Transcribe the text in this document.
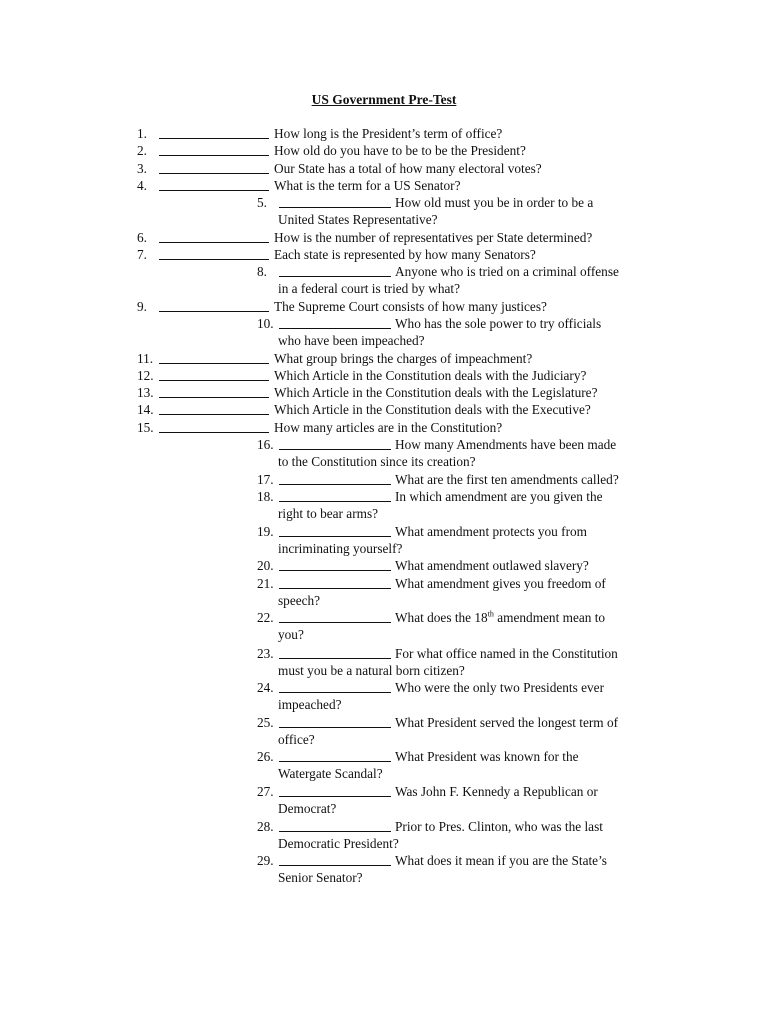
US Government Pre-Test
1.	How long is the President’s term of office?
2.	How old do you have to be to be the President?
3.	Our State has a total of how many electoral votes?
4.	What is the term for a US Senator?
5.	How old must you be in order to be a
United States Representative?
6.	How is the number of representatives per State determined?
7.	Each state is represented by how many Senators?
8.	Anyone who is tried on a criminal offense
in a federal court is tried by what?
9.	The Supreme Court consists of how many justices?
10.	Who has the sole power to try officials
who have been impeached?
11.	What group brings the charges of impeachment?
12.	Which Article in the Constitution deals with the Judiciary?
13.	Which Article in the Constitution deals with the Legislature?
14.	Which Article in the Constitution deals with the Executive?
15.	How many articles are in the Constitution?
16.	How many Amendments have been made
to the Constitution since its creation?
17.	What are the first ten amendments called?
18.	In which amendment are you given the
right to bear arms?
19.	What amendment protects you from
incriminating yourself?
20.	What amendment outlawed slavery?
21.	What amendment gives you freedom of
speech?
22.	What does the 18th amendment mean to
you?
23.	For what office named in the Constitution
must you be a natural born citizen?
24.	Who were the only two Presidents ever
impeached?
25.	What President served the longest term of
office?
26.	What President was known for the
Watergate Scandal?
27.	Was John F. Kennedy a Republican or
Democrat?
28.	Prior to Pres. Clinton, who was the last
Democratic President?
29.	What does it mean if you are the State’s
Senior Senator?
